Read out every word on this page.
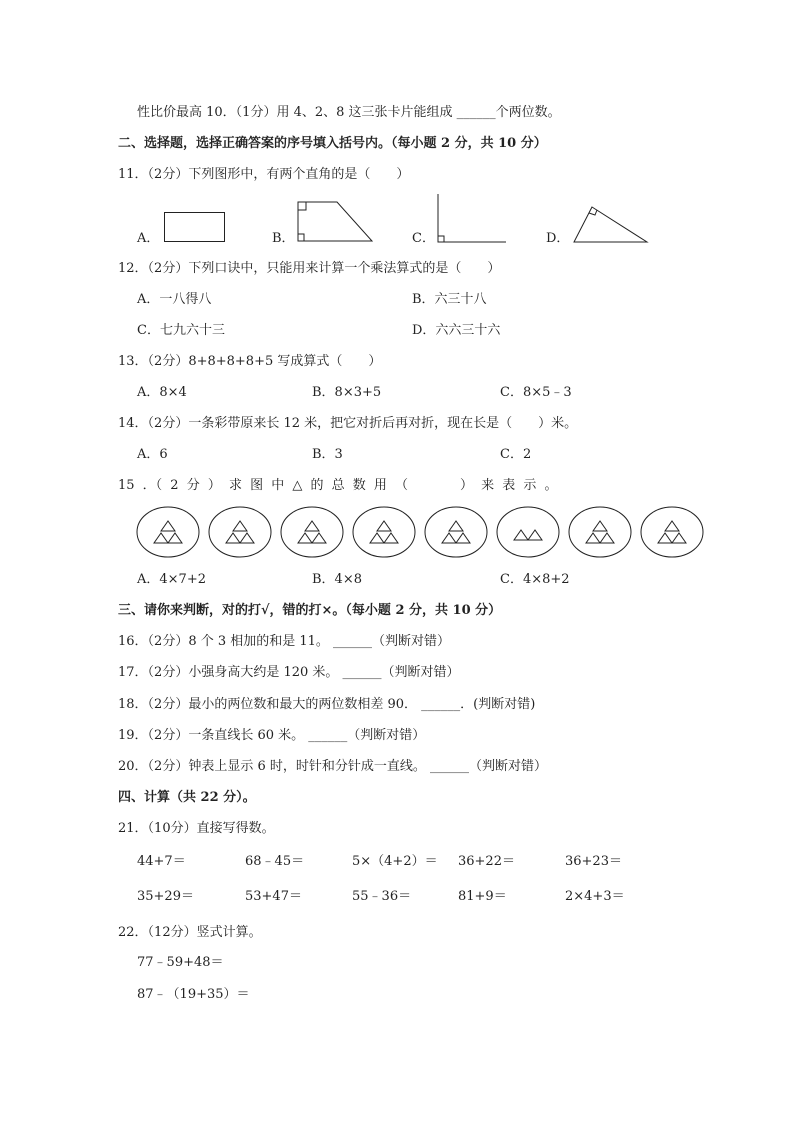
性比价最高 10．（1分）用 4、2、8 这三张卡片能组成 ______个两位数。
二、选择题，选择正确答案的序号填入括号内。（每小题 2 分，共 10 分）
11．（2分）下列图形中，有两个直角的是（　　）
A．	B．	C．	D．
12．（2分）下列口诀中，只能用来计算一个乘法算式的是（　　）
A．一八得八	B．六三十八
C．七九六十三	D．六六三十六
13．（2分）8+8+8+8+5 写成算式（　　）
A．8×4	B．8×3+5	C．8×5﹣3
14．（2分）一条彩带原来长 12 米，把它对折后再对折，现在长是（　　）米。
A．6	B．3	C．2
15 ．（ 2 分 ） 求 图 中 △ 的 总 数 用 （　　　　） 来 表 示 。
A．4×7+2	B．4×8	C．4×8+2
三、请你来判断，对的打√，错的打×。（每小题 2 分，共 10 分）
16．（2分）8 个 3 相加的和是 11。 ______（判断对错）
17．（2分）小强身高大约是 120 米。 ______（判断对错）
18．（2分）最小的两位数和最大的两位数相差 90． ______．(判断对错)
19．（2分）一条直线长 60 米。 ______（判断对错）
20．（2分）钟表上显示 6 时，时针和分针成一直线。 ______（判断对错）
四、计算（共 22 分）。
21．（10分）直接写得数。
44+7＝	68﹣45＝	5×（4+2）＝ 36+22＝	36+23＝
35+29＝	53+47＝	55﹣36＝	81+9＝	2×4+3＝
22．（12分）竖式计算。
77﹣59+48＝
87﹣（19+35）＝
